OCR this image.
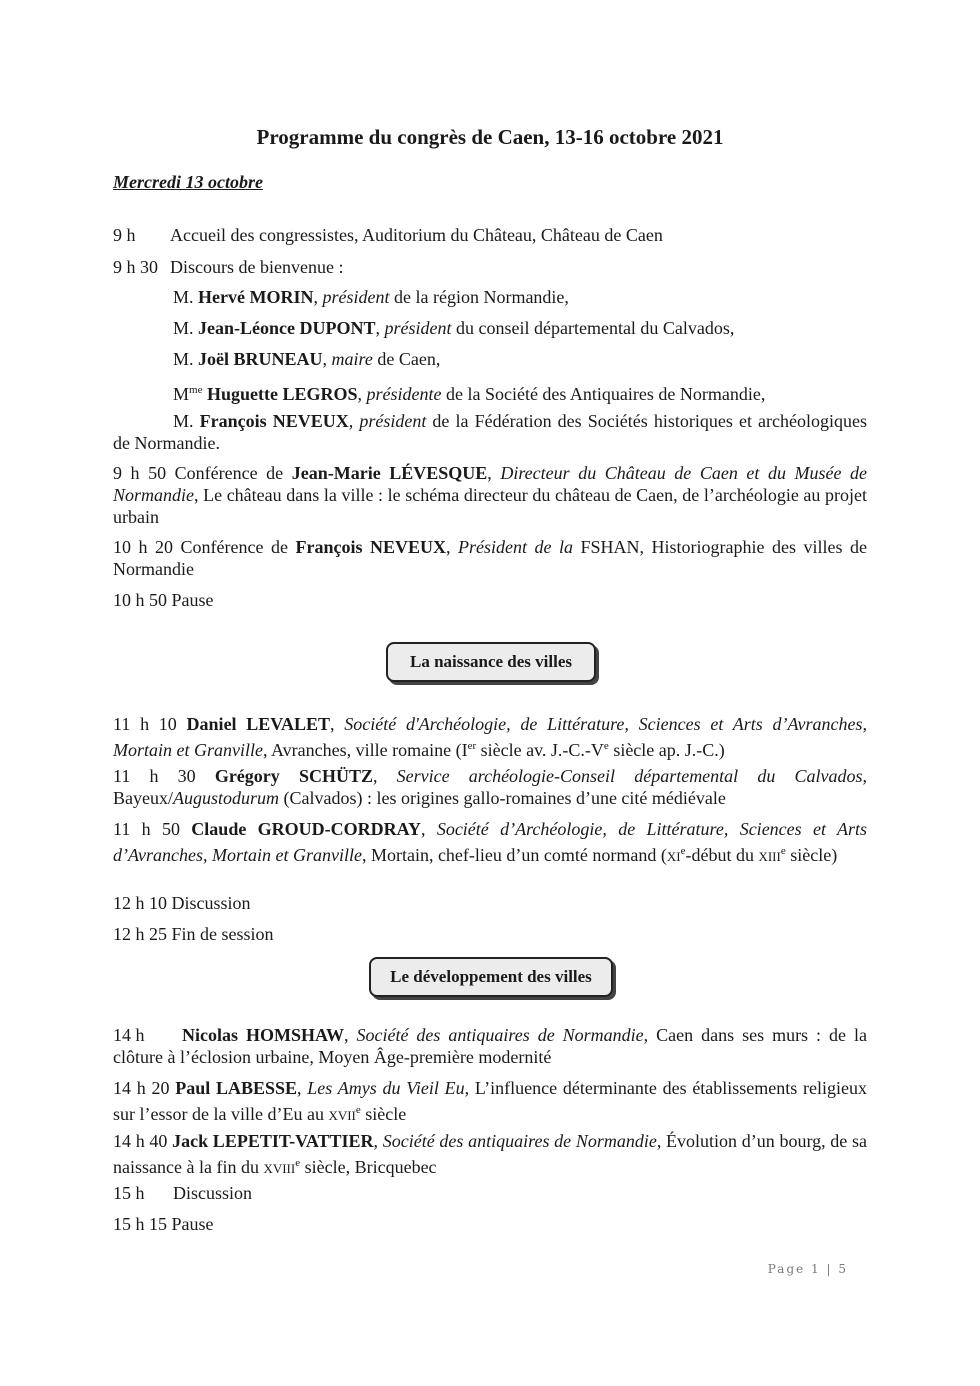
Programme du congrès de Caen, 13-16 octobre 2021
Mercredi 13 octobre
9 h Accueil des congressistes, Auditorium du Château, Château de Caen
9 h 30 Discours de bienvenue :
M. Hervé MORIN, président de la région Normandie,
M. Jean-Léonce DUPONT, président du conseil départemental du Calvados,
M. Joël BRUNEAU, maire de Caen,
$M^{me}$ Huguette LEGROS, présidente de la Société des Antiquaires de Normandie,
M. François NEVEUX, président de la Fédération des Sociétés historiques et archéologiques de Normandie.
9 h 50 Conférence de Jean-Marie LÉVESQUE, Directeur du Château de Caen et du Musée de Normandie, Le château dans la ville : le schéma directeur du château de Caen, de l’archéologie au projet urbain
10 h 20 Conférence de François NEVEUX, Président de la FSHAN, Historiographie des villes de Normandie
10 h 50 Pause
La naissance des villes
11 h 10 Daniel LEVALET, Société d'Archéologie, de Littérature, Sciences et Arts d’Avranches, Mortain et Granville, Avranches, ville romaine (Ier siècle av. J.-C.-Ve siècle ap. J.-C.)
11 h 30 Grégory SCHÜTZ, Service archéologie-Conseil départemental du Calvados, Bayeux/Augustodurum (Calvados) : les origines gallo-romaines d’une cité médiévale
11 h 50 Claude GROUD-CORDRAY, Société d’Archéologie, de Littérature, Sciences et Arts d’Avranches, Mortain et Granville, Mortain, chef-lieu d’un comté normand ($xi^e$-début du xiii$^e$ siècle)
12 h 10 Discussion
12 h 25 Fin de session
Le développement des villes
14 h Nicolas HOMSHAW, Société des antiquaires de Normandie, Caen dans ses murs : de la clôture à l’éclosion urbaine, Moyen Âge-première modernité
14 h 20 Paul LABESSE, Les Amys du Vieil Eu, L’influence déterminante des établissements religieux sur l’essor de la ville d’Eu au xvii$^e$ siècle
14 h 40 Jack LEPETIT-VATTIER, Société des antiquaires de Normandie, Évolution d’un bourg, de sa naissance à la fin du xviii$^e$ siècle, Bricquebec
15 h Discussion
15 h 15 Pause
Page 1 | 5
